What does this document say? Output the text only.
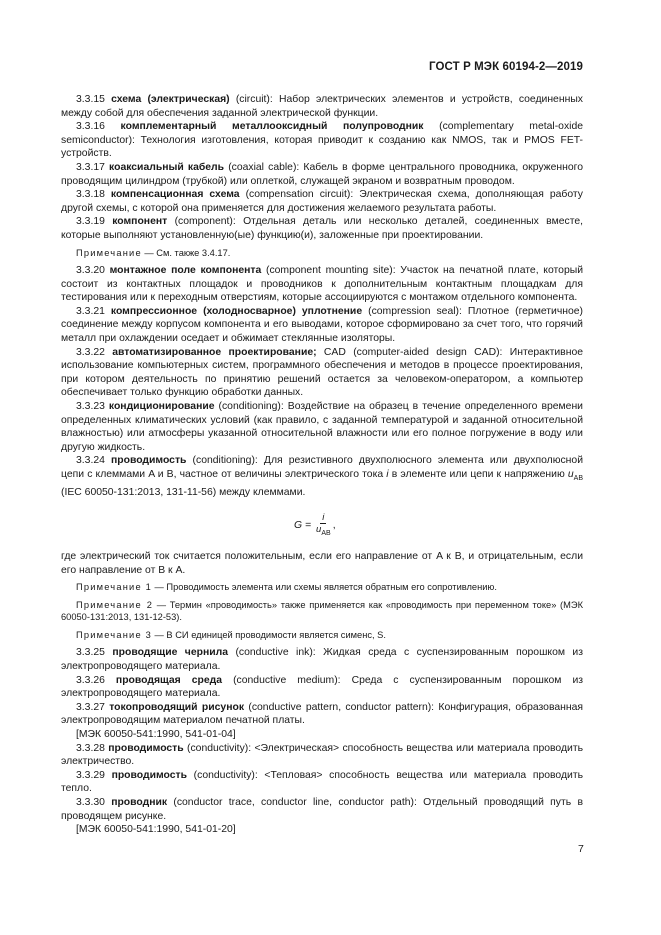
ГОСТ Р МЭК 60194-2—2019

3.3.15 схема (электрическая) (circuit): Набор электрических элементов и устройств, соединенных между собой для обеспечения заданной электрической функции.

3.3.16 комплементарный металлооксидный полупроводник (complementary metal-oxide semiconductor): Технология изготовления, которая приводит к созданию как NMOS, так и PMOS FET-устройств.

3.3.17 коаксиальный кабель (coaxial cable): Кабель в форме центрального проводника, окруженного проводящим цилиндром (трубкой) или оплеткой, служащей экраном и возвратным проводом.

3.3.18 компенсационная схема (compensation circuit): Электрическая схема, дополняющая работу другой схемы, с которой она применяется для достижения желаемого результата работы.

3.3.19 компонент (component): Отдельная деталь или несколько деталей, соединенных вместе, которые выполняют установленную(ые) функцию(и), заложенные при проектировании.

Примечание — См. также 3.4.17.

3.3.20 монтажное поле компонента (component mounting site): Участок на печатной плате, который состоит из контактных площадок и проводников к дополнительным контактным площадкам для тестирования или к переходным отверстиям, которые ассоциируются с монтажом отдельного компонента.

3.3.21 компрессионное (холодносварное) уплотнение (compression seal): Плотное (герметичное) соединение между корпусом компонента и его выводами, которое сформировано за счет того, что горячий металл при охлаждении оседает и обжимает стеклянные изоляторы.

3.3.22 автоматизированное проектирование; CAD (computer-aided design CAD): Интерактивное использование компьютерных систем, программного обеспечения и методов в процессе проектирования, при котором деятельность по принятию решений остается за человеком-оператором, а компьютер обеспечивает только функцию обработки данных.

3.3.23 кондиционирование (conditioning): Воздействие на образец в течение определенного времени определенных климатических условий (как правило, с заданной температурой и заданной относительной влажностью) или атмосферы указанной относительной влажности или его полное погружение в воду или другую жидкость.

3.3.24 проводимость (conditioning): Для резистивного двухполюсного элемента или двухполюсной цепи с клеммами A и B, частное от величины электрического тока i в элементе или цепи к напряжению $u_{AB}$ (IEC 60050-131:2013, 131-11-56) между клеммами.

$G = \frac{i}{u_{AB}}$ ,

где электрический ток считается положительным, если его направление от A к B, и отрицательным, если его направление от B к A.

Примечание 1 — Проводимость элемента или схемы является обратным его сопротивлению.

Примечание 2 — Термин «проводимость» также применяется как «проводимость при переменном токе» (МЭК 60050-131:2013, 131-12-53).

Примечание 3 — В СИ единицей проводимости является сименс, S.

3.3.25 проводящие чернила (conductive ink): Жидкая среда с суспензированным порошком из электропроводящего материала.

3.3.26 проводящая среда (conductive medium): Среда с суспензированным порошком из электропроводящего материала.

3.3.27 токопроводящий рисунок (conductive pattern, conductor pattern): Конфигурация, образованная электропроводящим материалом печатной платы.

[МЭК 60050-541:1990, 541-01-04]

3.3.28 проводимость (conductivity): <Электрическая> способность вещества или материала проводить электричество.

3.3.29 проводимость (conductivity): <Тепловая> способность вещества или материала проводить тепло.

3.3.30 проводник (conductor trace, conductor line, conductor path): Отдельный проводящий путь в проводящем рисунке.

[МЭК 60050-541:1990, 541-01-20]

7
